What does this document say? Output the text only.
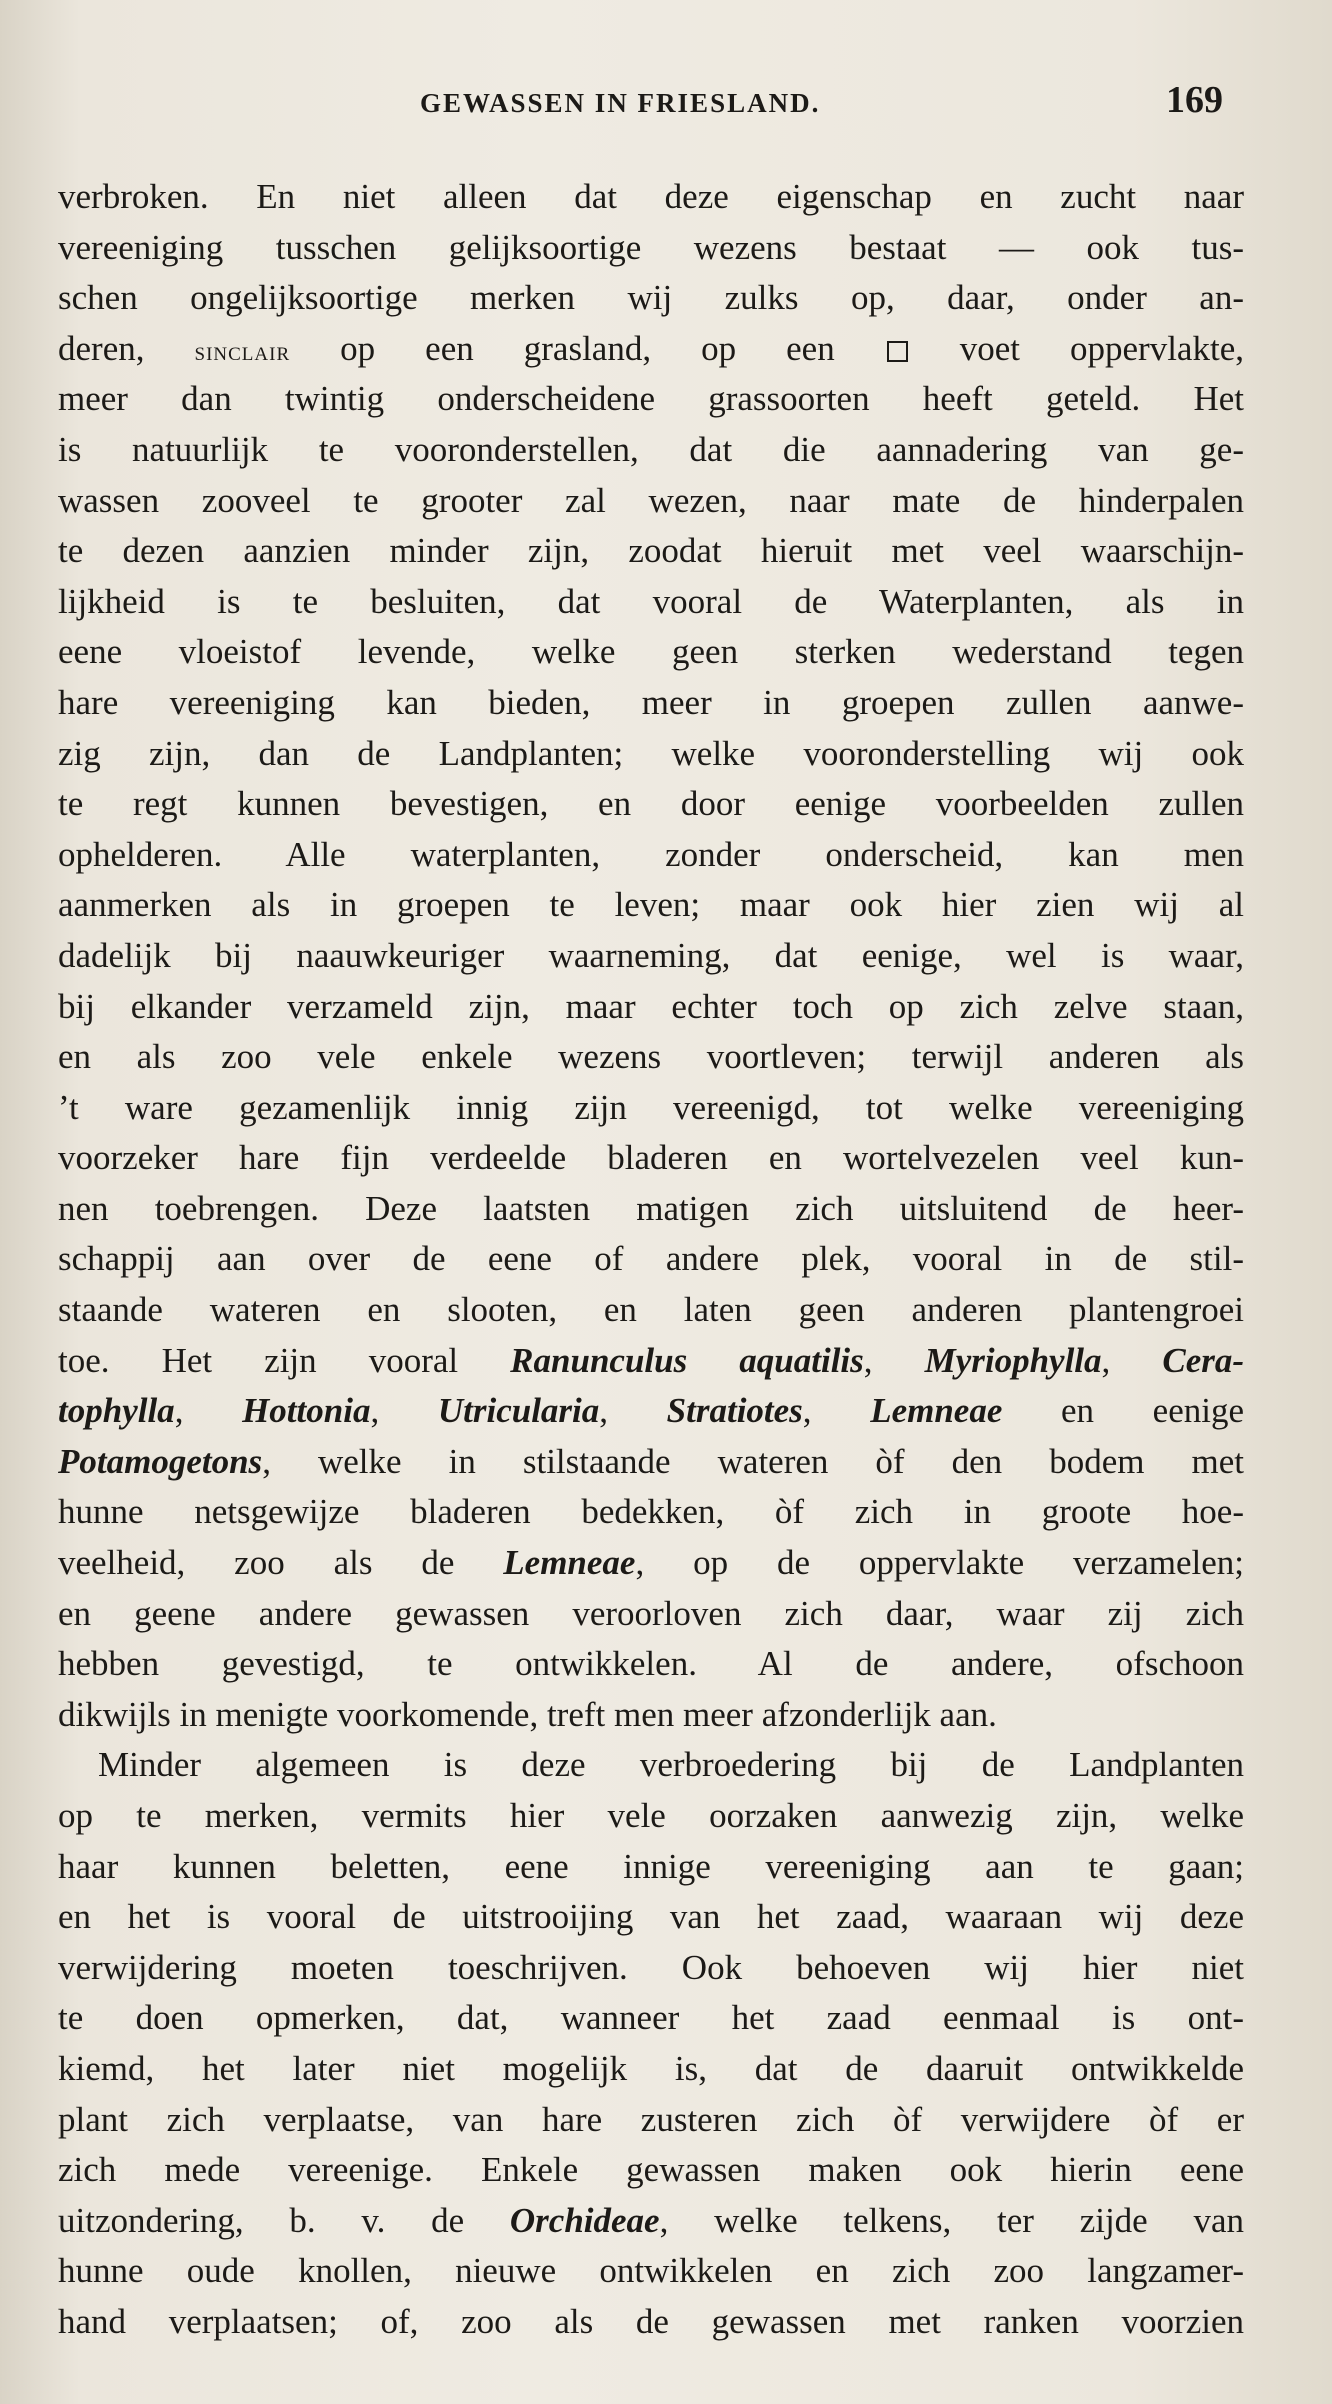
GEWASSEN IN FRIESLAND.	169
verbroken. En niet alleen dat deze eigenschap en zucht naar
vereeniging tusschen gelijksoortige wezens bestaat — ook tus-
schen ongelijksoortige merken wij zulks op, daar, onder an-
deren, sinclair op een grasland, op een  voet oppervlakte,
meer dan twintig onderscheidene grassoorten heeft geteld. Het
is natuurlijk te vooronderstellen, dat die aannadering van ge-
wassen zooveel te grooter zal wezen, naar mate de hinderpalen
te dezen aanzien minder zijn, zoodat hieruit met veel waarschijn-
lijkheid is te besluiten, dat vooral de Waterplanten, als in
eene vloeistof levende, welke geen sterken wederstand tegen
hare vereeniging kan bieden, meer in groepen zullen aanwe-
zig zijn, dan de Landplanten; welke vooronderstelling wij ook
te regt kunnen bevestigen, en door eenige voorbeelden zullen
ophelderen. Alle waterplanten, zonder onderscheid, kan men
aanmerken als in groepen te leven; maar ook hier zien wij al
dadelijk bij naauwkeuriger waarneming, dat eenige, wel is waar,
bij elkander verzameld zijn, maar echter toch op zich zelve staan,
en als zoo vele enkele wezens voortleven; terwijl anderen als
’t ware gezamenlijk innig zijn vereenigd, tot welke vereeniging
voorzeker hare fijn verdeelde bladeren en wortelvezelen veel kun-
nen toebrengen. Deze laatsten matigen zich uitsluitend de heer-
schappij aan over de eene of andere plek, vooral in de stil-
staande wateren en slooten, en laten geen anderen plantengroei
toe. Het zijn vooral Ranunculus aquatilis, Myriophylla, Cera-
tophylla, Hottonia, Utricularia, Stratiotes, Lemneae en eenige
Potamogetons, welke in stilstaande wateren òf den bodem met
hunne netsgewijze bladeren bedekken, òf zich in groote hoe-
veelheid, zoo als de Lemneae, op de oppervlakte verzamelen;
en geene andere gewassen veroorloven zich daar, waar zij zich
hebben gevestigd, te ontwikkelen. Al de andere, ofschoon
dikwijls in menigte voorkomende, treft men meer afzonderlijk aan.
Minder algemeen is deze verbroedering bij de Landplanten
op te merken, vermits hier vele oorzaken aanwezig zijn, welke
haar kunnen beletten, eene innige vereeniging aan te gaan;
en het is vooral de uitstrooijing van het zaad, waaraan wij deze
verwijdering moeten toeschrijven. Ook behoeven wij hier niet
te doen opmerken, dat, wanneer het zaad eenmaal is ont-
kiemd, het later niet mogelijk is, dat de daaruit ontwikkelde
plant zich verplaatse, van hare zusteren zich òf verwijdere òf er
zich mede vereenige. Enkele gewassen maken ook hierin eene
uitzondering, b. v. de Orchideae, welke telkens, ter zijde van
hunne oude knollen, nieuwe ontwikkelen en zich zoo langzamer-
hand verplaatsen; of, zoo als de gewassen met ranken voorzien
